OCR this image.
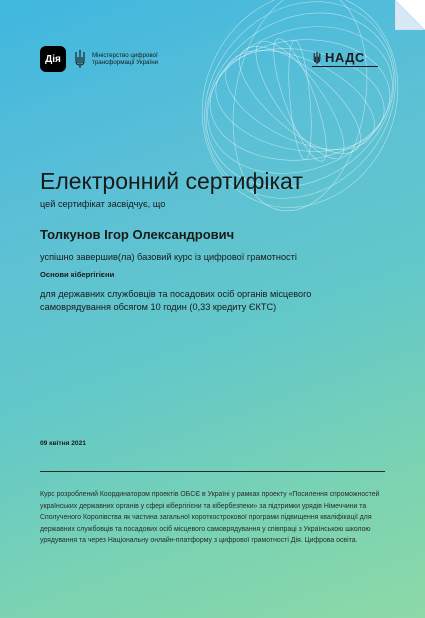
Дія	Міністерство цифрової трансформації України	НАДС
Електронний сертифікат
цей сертифікат засвідчує, що
Толкунов Ігор Олександрович
успішно завершив(ла) базовий курс із цифрової грамотності
Основи кібергігієни
для державних службовців та посадових осіб органів місцевого самоврядування обсягом 10 годин (0,33 кредиту ЄКТС)
09 квітня 2021
Курс розроблений Координатором проектів ОБСЄ в Україні у рамках проекту «Посилення спроможностей українських державних органів у сфері кібергігієни та кібербезпеки» за підтримки урядів Німеччини та Сполученого Королівства як частина загальної короткострокової програми підвищення кваліфікації для державних службовців та посадових осіб місцевого самоврядування у співпраці з Українською школою урядування та через Національну онлайн-платформу з цифрової грамотності Дія. Цифрова освіта.
